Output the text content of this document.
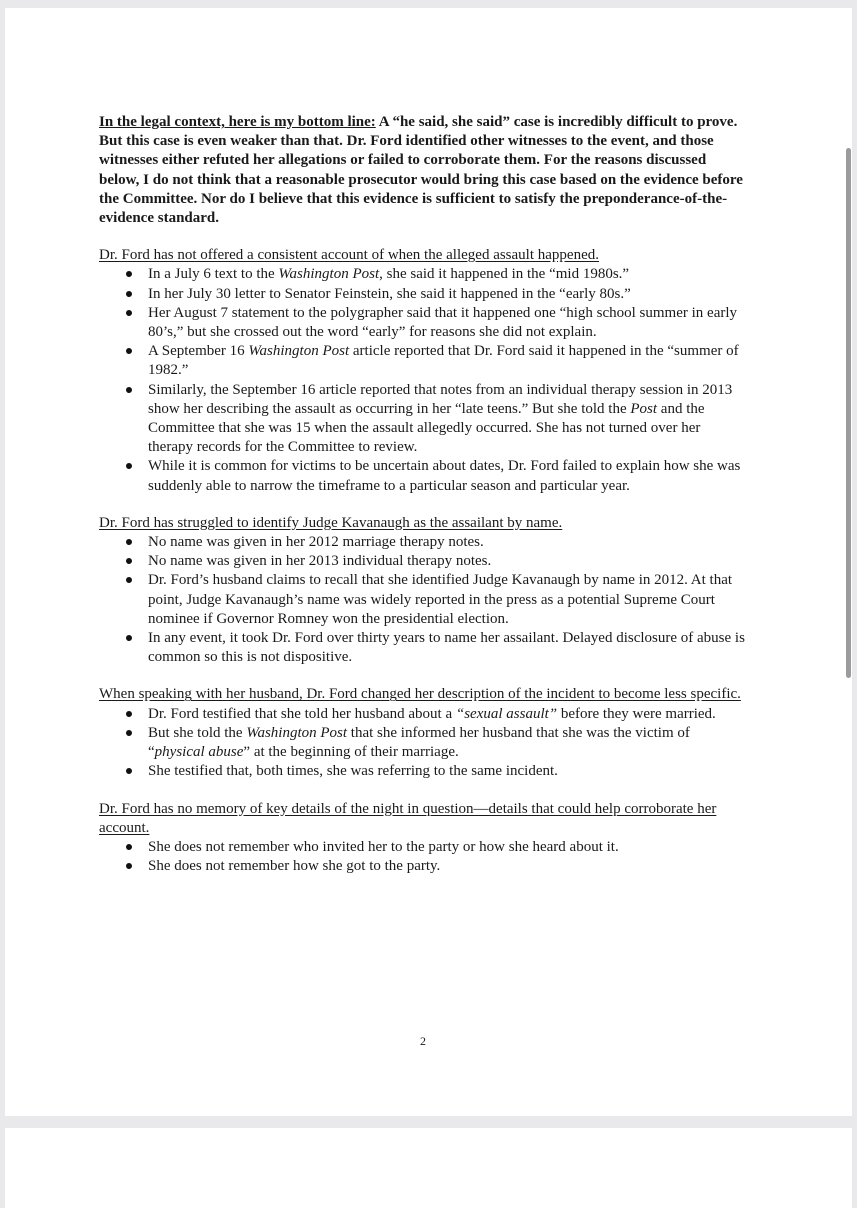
In the legal context, here is my bottom line: A “he said, she said” case is incredibly difficult to prove. But this case is even weaker than that. Dr. Ford identified other witnesses to the event, and those witnesses either refuted her allegations or failed to corroborate them. For the reasons discussed below, I do not think that a reasonable prosecutor would bring this case based on the evidence before the Committee. Nor do I believe that this evidence is sufficient to satisfy the preponderance-of-the-evidence standard.

Dr. Ford has not offered a consistent account of when the alleged assault happened.

In a July 6 text to the Washington Post, she said it happened in the “mid 1980s.”
In her July 30 letter to Senator Feinstein, she said it happened in the “early 80s.”
Her August 7 statement to the polygrapher said that it happened one “high school summer in early 80’s,” but she crossed out the word “early” for reasons she did not explain.
A September 16 Washington Post article reported that Dr. Ford said it happened in the “summer of 1982.”
Similarly, the September 16 article reported that notes from an individual therapy session in 2013 show her describing the assault as occurring in her “late teens.” But she told the Post and the Committee that she was 15 when the assault allegedly occurred. She has not turned over her therapy records for the Committee to review.
While it is common for victims to be uncertain about dates, Dr. Ford failed to explain how she was suddenly able to narrow the timeframe to a particular season and particular year.

Dr. Ford has struggled to identify Judge Kavanaugh as the assailant by name.

No name was given in her 2012 marriage therapy notes.
No name was given in her 2013 individual therapy notes.
Dr. Ford’s husband claims to recall that she identified Judge Kavanaugh by name in 2012. At that point, Judge Kavanaugh’s name was widely reported in the press as a potential Supreme Court nominee if Governor Romney won the presidential election.
In any event, it took Dr. Ford over thirty years to name her assailant. Delayed disclosure of abuse is common so this is not dispositive.

When speaking with her husband, Dr. Ford changed her description of the incident to become less specific.

Dr. Ford testified that she told her husband about a “sexual assault” before they were married.
But she told the Washington Post that she informed her husband that she was the victim of “physical abuse” at the beginning of their marriage.
She testified that, both times, she was referring to the same incident.

Dr. Ford has no memory of key details of the night in question—details that could help corroborate her account.

She does not remember who invited her to the party or how she heard about it.
She does not remember how she got to the party.
2
